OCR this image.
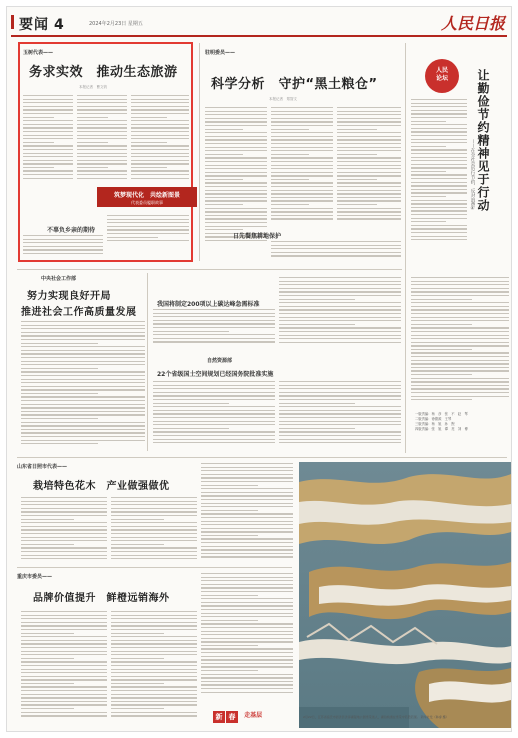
要闻 4	2024年2月23日 星期五	人民日报
玉树代表——
务求实效　推动生态旅游
本报记者　曹文钧
不辜负乡亲的期待
筑梦现代化　共绘新图景
代表委员履职故事
驻明委员——
科学分析　守护“黑土粮仓”
本报记者　郑智文
日先餐焦耕地保护
人民
论坛	让勤俭节约精神见于行动
——在全社会厉行节约、反对浪费④
中央社会工作部
努力实现良好开局
推进社会工作高质量发展
我国将制定200项以上碳达峰急需标准
自然资源部
22个省级国土空间规划已经国务院批准实施
一版责编：杨　彦　张　不　赵　琴
二版责编：徐德源　王琴
三版责编：杨　旭　孙　煦
四版责编：张　旭　谭　亮　刘　博
山东省日照市代表——
栽培特色花木　产业做强做优
重庆市委员——
品牌价值提升　鲜橙远销海外
新 春 走基层	2月22日，江苏省宿迁市泗洪县洪泽湖湿地公园雪景迷人，湖泊栈道在雪景中若隐若现。 新华社发（韩睿 摄）
